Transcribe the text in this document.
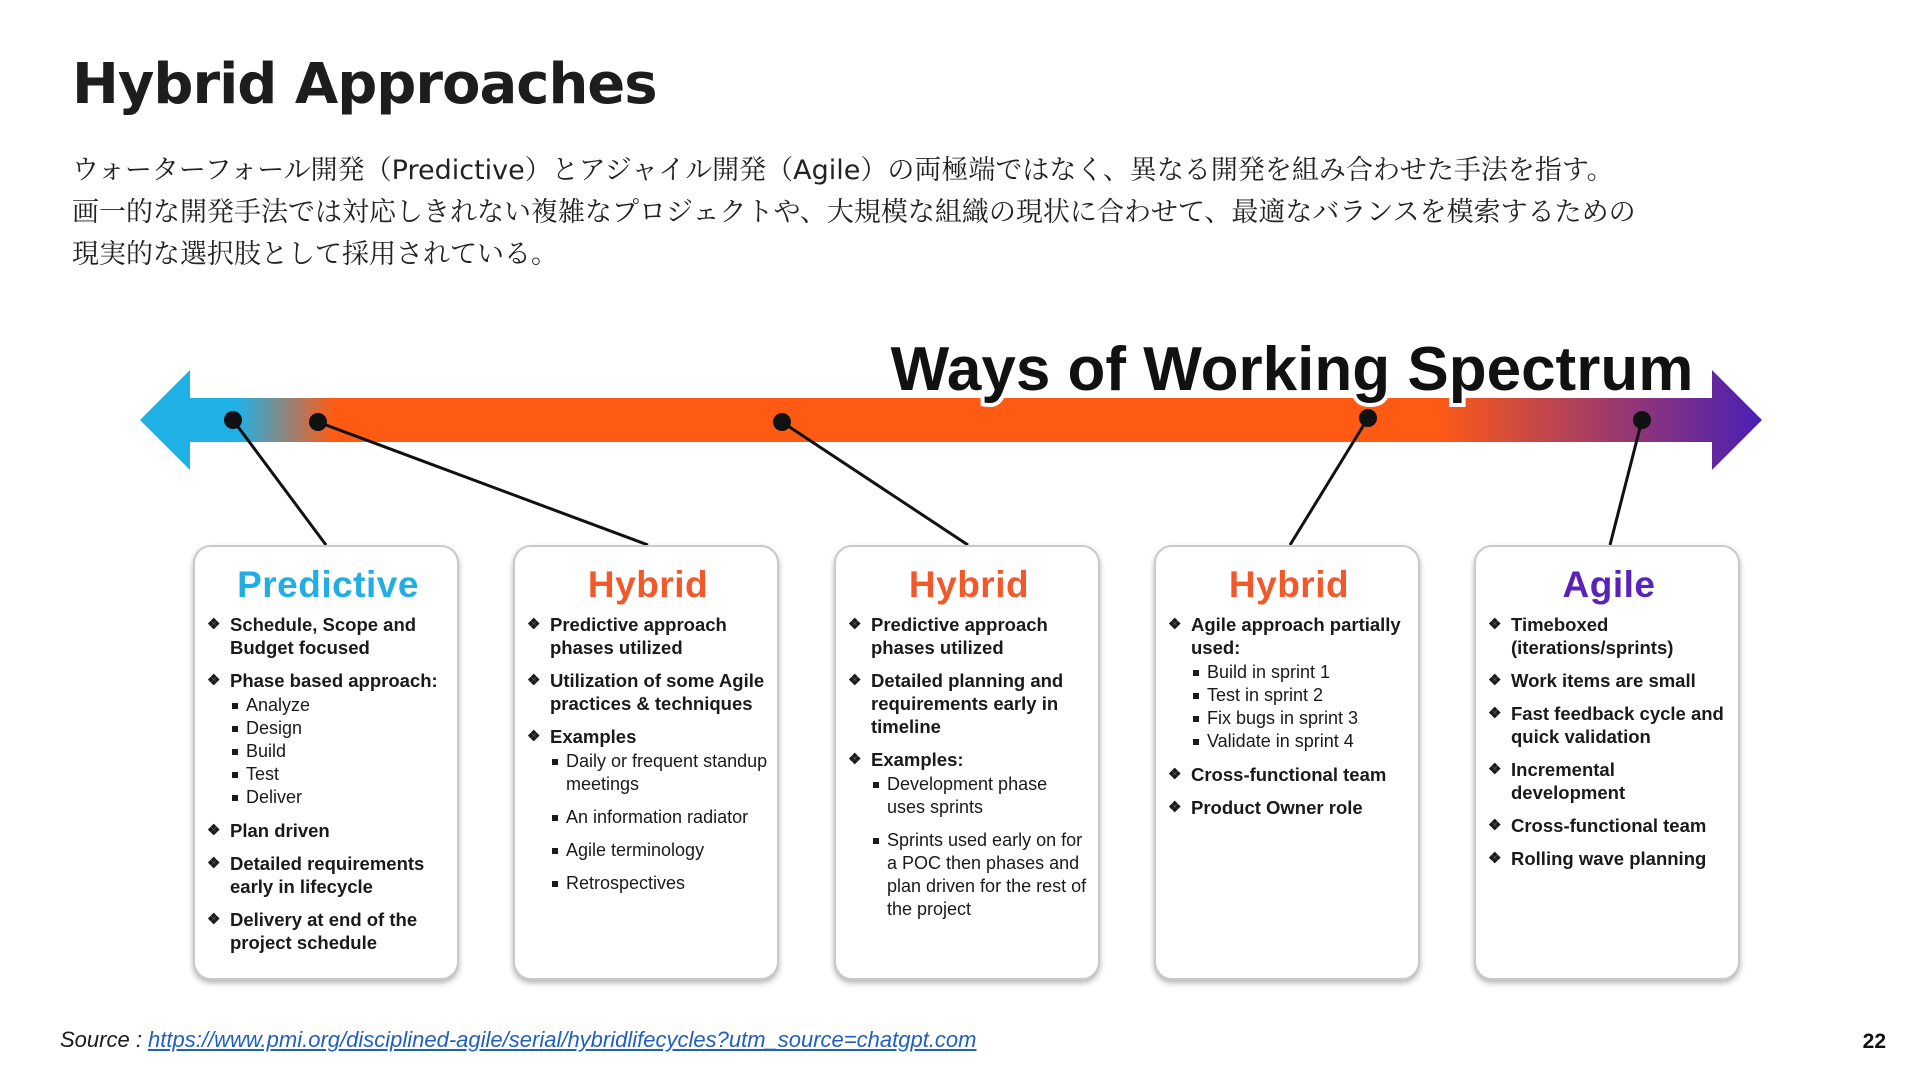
Hybrid Approaches
ウォーターフォール開発（Predictive）とアジャイル開発（Agile）の両極端ではなく、異なる開発を組み合わせた手法を指す。
画一的な開発手法では対応しきれない複雑なプロジェクトや、大規模な組織の現状に合わせて、最適なバランスを模索するための
現実的な選択肢として採用されている。
Ways of Working Spectrum
Predictive
❖ Schedule, Scope and Budget focused
❖ Phase based approach:
Analyze
Design
Build
Test
Deliver
❖ Plan driven
❖ Detailed requirements early in lifecycle
❖ Delivery at end of the project schedule
Hybrid
❖ Predictive approach phases utilized
❖ Utilization of some Agile practices & techniques
❖ Examples
Daily or frequent standup meetings
An information radiator
Agile terminology
Retrospectives
Hybrid
❖ Predictive approach phases utilized
❖ Detailed planning and requirements early in timeline
❖ Examples:
Development phase uses sprints
Sprints used early on for a POC then phases and plan driven for the rest of the project
Hybrid
❖ Agile approach partially used:
Build in sprint 1
Test in sprint 2
Fix bugs in sprint 3
Validate in sprint 4
❖ Cross-functional team
❖ Product Owner role
Agile
❖ Timeboxed (iterations/sprints)
❖ Work items are small
❖ Fast feedback cycle and quick validation
❖ Incremental development
❖ Cross-functional team
❖ Rolling wave planning
Source : https://www.pmi.org/disciplined-agile/serial/hybridlifecycles?utm_source=chatgpt.com	22
